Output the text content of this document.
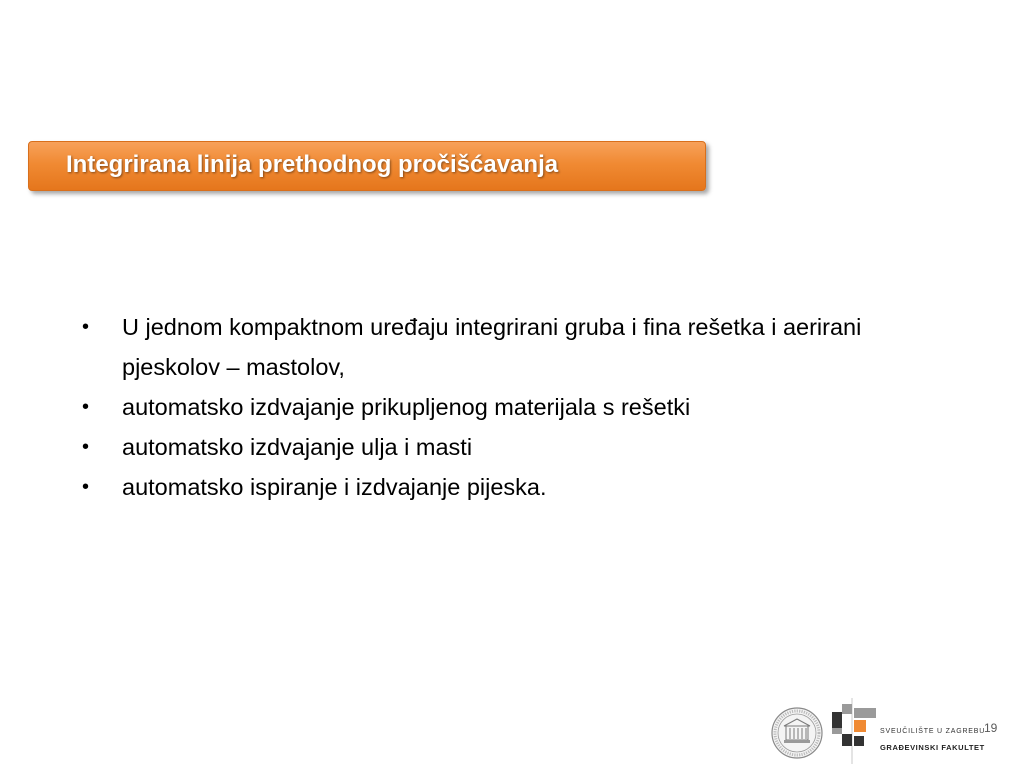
Integrirana linija prethodnog pročišćavanja
• U jednom kompaktnom uređaju integrirani gruba i fina rešetka i aerirani pjeskolov – mastolov,
• automatsko izdvajanje prikupljenog materijala s rešetki
• automatsko izdvajanje ulja i masti
• automatsko ispiranje i izdvajanje pijeska.
SVEUČILIŠTE U ZAGREBU
GRAĐEVINSKI FAKULTET
19
